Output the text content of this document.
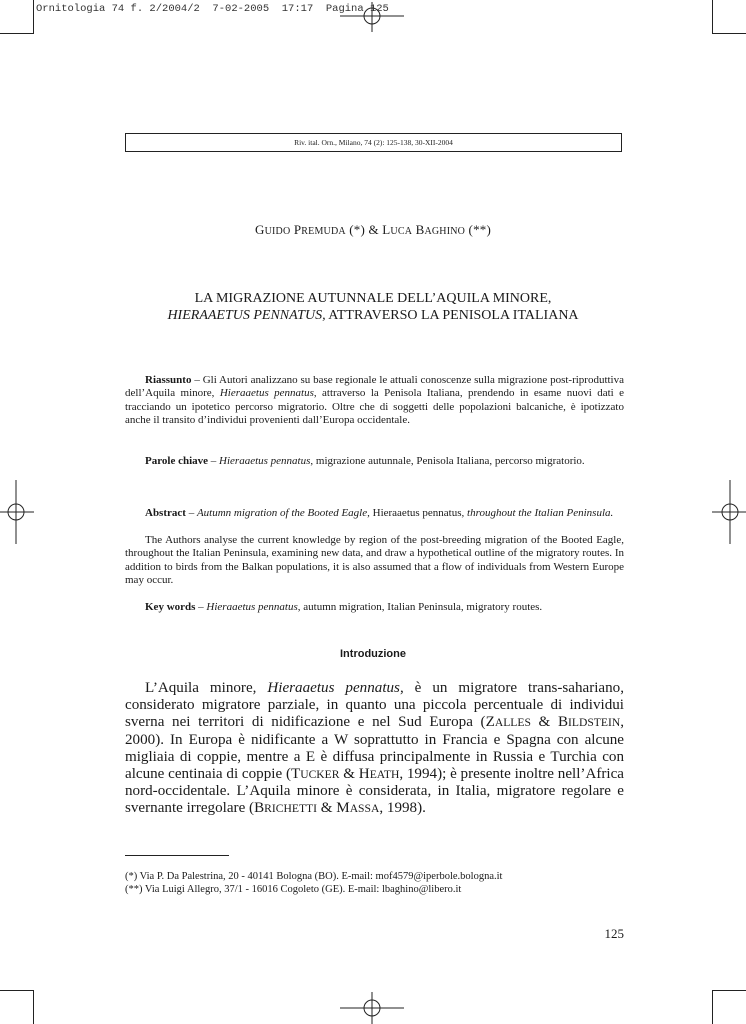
Ornitologia 74 f. 2/2004/2  7-02-2005  17:17  Pagina 125

Riv. ital. Orn., Milano, 74 (2): 125-138, 30-XII-2004

GUIDO PREMUDA (*) & LUCA BAGHINO (**)

LA MIGRAZIONE AUTUNNALE DELL’AQUILA MINORE,
HIERAAETUS PENNATUS, ATTRAVERSO LA PENISOLA ITALIANA

Riassunto – Gli Autori analizzano su base regionale le attuali conoscenze sulla migrazione post-riproduttiva dell’Aquila minore, Hieraaetus pennatus, attraverso la Penisola Italiana, prendendo in esame nuovi dati e tracciando un ipotetico percorso migratorio. Oltre che di soggetti delle popolazioni balcaniche, è ipotizzato anche il transito d’individui provenienti dall’Europa occidentale.

Parole chiave – Hieraaetus pennatus, migrazione autunnale, Penisola Italiana, percorso migratorio.

Abstract – Autumn migration of the Booted Eagle, Hieraaetus pennatus, throughout the Italian Peninsula.

The Authors analyse the current knowledge by region of the post-breeding migration of the Booted Eagle, throughout the Italian Peninsula, examining new data, and draw a hypothetical outline of the migratory routes. In addition to birds from the Balkan populations, it is also assumed that a flow of individuals from Western Europe may occur.

Key words – Hieraaetus pennatus, autumn migration, Italian Peninsula, migratory routes.

Introduzione

L’Aquila minore, Hieraaetus pennatus, è un migratore trans-sahariano, considerato migratore parziale, in quanto una piccola percentuale di individui sverna nei territori di nidificazione e nel Sud Europa (ZALLES & BILDSTEIN, 2000). In Europa è nidificante a W soprattutto in Francia e Spagna con alcune migliaia di coppie, mentre a E è diffusa principalmente in Russia e Turchia con alcune centinaia di coppie (TUCKER & HEATH, 1994); è presente inoltre nell’Africa nord-occidentale. L’Aquila minore è considerata, in Italia, migratore regolare e svernante irregolare (BRICHETTI & MASSA, 1998).

(*) Via P. Da Palestrina, 20 - 40141 Bologna (BO). E-mail: mof4579@iperbole.bologna.it
(**) Via Luigi Allegro, 37/1 - 16016 Cogoleto (GE). E-mail: lbaghino@libero.it

125
